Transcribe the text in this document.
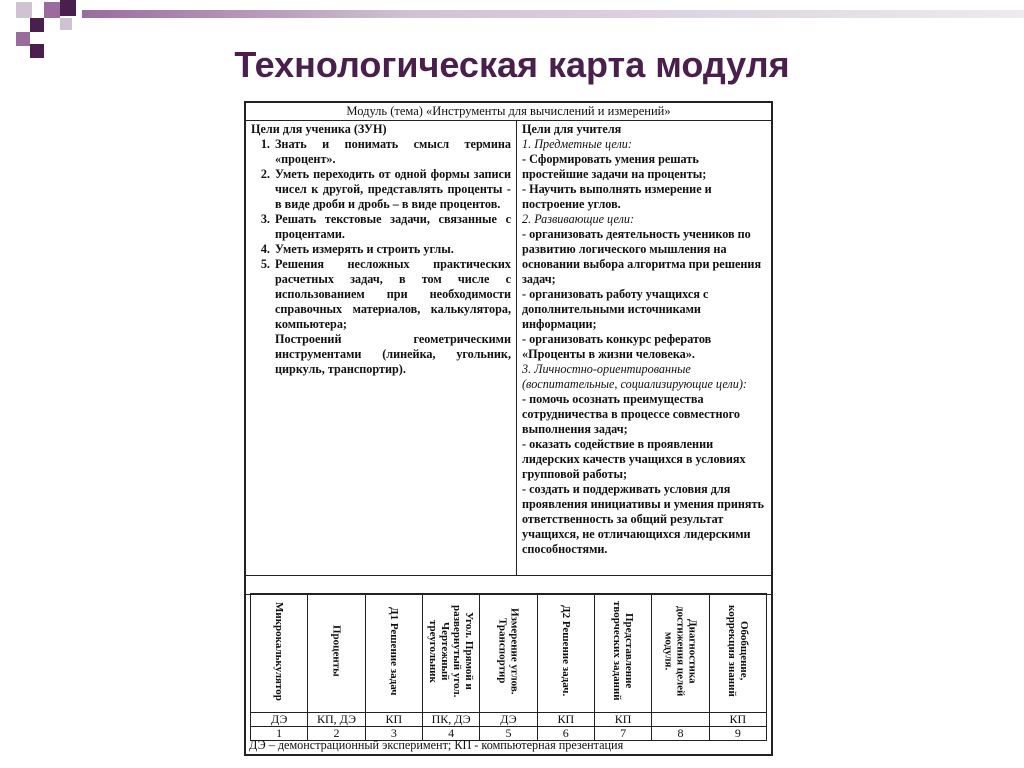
Технологическая карта модуля
Модуль (тема) «Инструменты для вычислений и измерений»
Цели для ученика (ЗУН)
1. Знать и понимать смысл термина «процент».
2. Уметь переходить от одной формы записи чисел к другой, представлять проценты - в виде дроби и дробь – в виде процентов.
3. Решать текстовые задачи, связанные с процентами.
4. Уметь измерять и строить углы.
5. Решения несложных практических расчетных задач, в том числе с использованием при необходимости справочных материалов, калькулятора, компьютера;
Построений геометрическими инструментами (линейка, угольник, циркуль, транспортир).
Цели для учителя
1. Предметные цели:
- Сформировать умения решать простейшие задачи на проценты;
- Научить выполнять измерение и построение углов.
2. Развивающие цели:
- организовать деятельность учеников по развитию логического мышления на основании выбора алгоритма при решения задач;
- организовать работу учащихся с дополнительными источниками информации;
- организовать конкурс рефератов «Проценты в жизни человека».
3. Личностно-ориентированные (воспитательные, социализирующие цели):
- помочь осознать преимущества сотрудничества в процессе совместного выполнения задач;
- оказать содействие в проявлении лидерских качеств учащихся в условиях групповой работы;
- создать и поддерживать условия для проявления инициативы и умения принять ответственность за общий результат учащихся, не отличающихся лидерскими способностями.
Микрокалькулятор	Проценты	Д1 Решение задач	Угол. Прямой и развернутый угол. Чертежный треугольник	Измерение углов. Транспортир	Д2 Решение задач.	Представление творческих заданий	Диагностика достижения целей модуля.	Обобщение, коррекция знаний
ДЭ	КП, ДЭ	КП	ПК, ДЭ	ДЭ	КП	КП		КП
1	2	3	4	5	6	7	8	9
ДЭ – демонстрационный эксперимент; КП - компьютерная презентация
